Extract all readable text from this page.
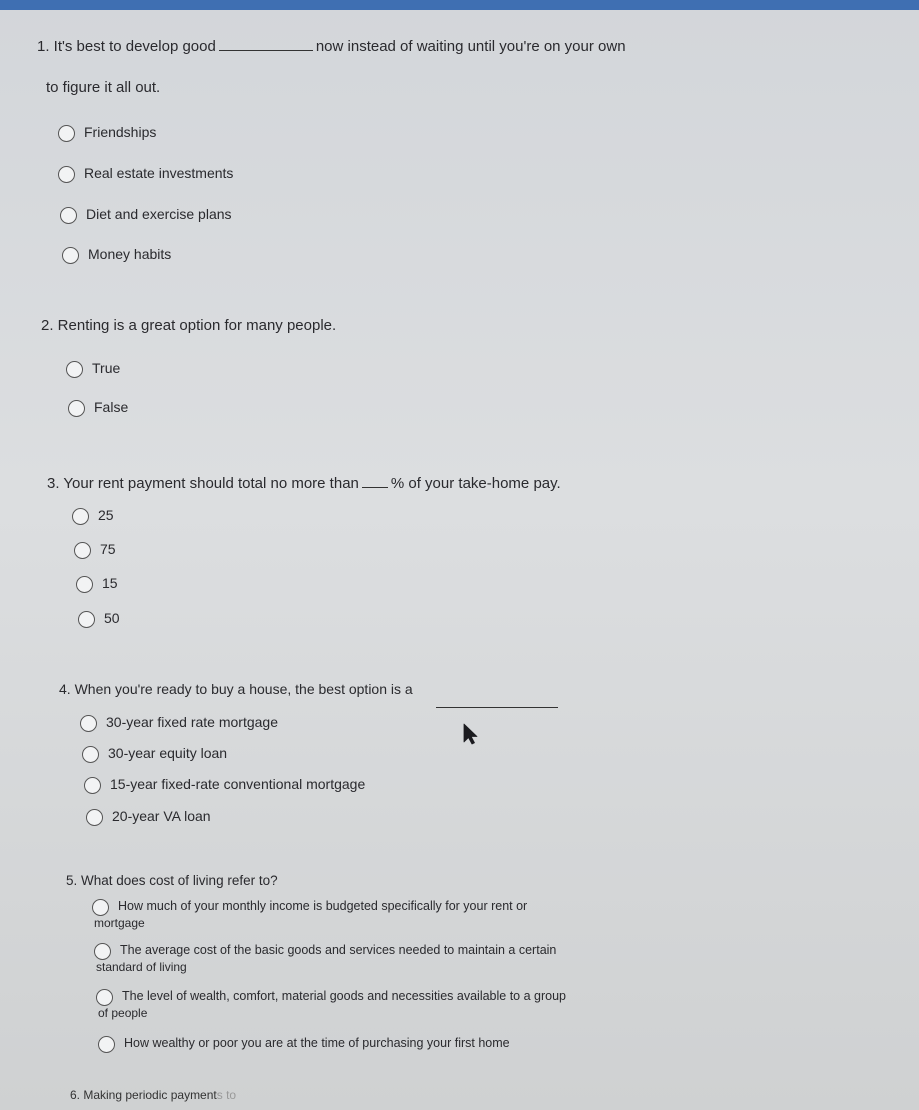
1. It's best to develop good	now instead of waiting until you're on your own
to figure it all out.
Friendships
Real estate investments
Diet and exercise plans
Money habits
2. Renting is a great option for many people.
True
False
3. Your rent payment should total no more than % of your take-home pay.
25
75
15
50
4. When you're ready to buy a house, the best option is a
30-year fixed rate mortgage
30-year equity loan
15-year fixed-rate conventional mortgage
20-year VA loan
5. What does cost of living refer to?
How much of your monthly income is budgeted specifically for your rent or
mortgage
The average cost of the basic goods and services needed to maintain a certain
standard of living
The level of wealth, comfort, material goods and necessities available to a group
of people
How wealthy or poor you are at the time of purchasing your first home
6. Making periodic payments to
